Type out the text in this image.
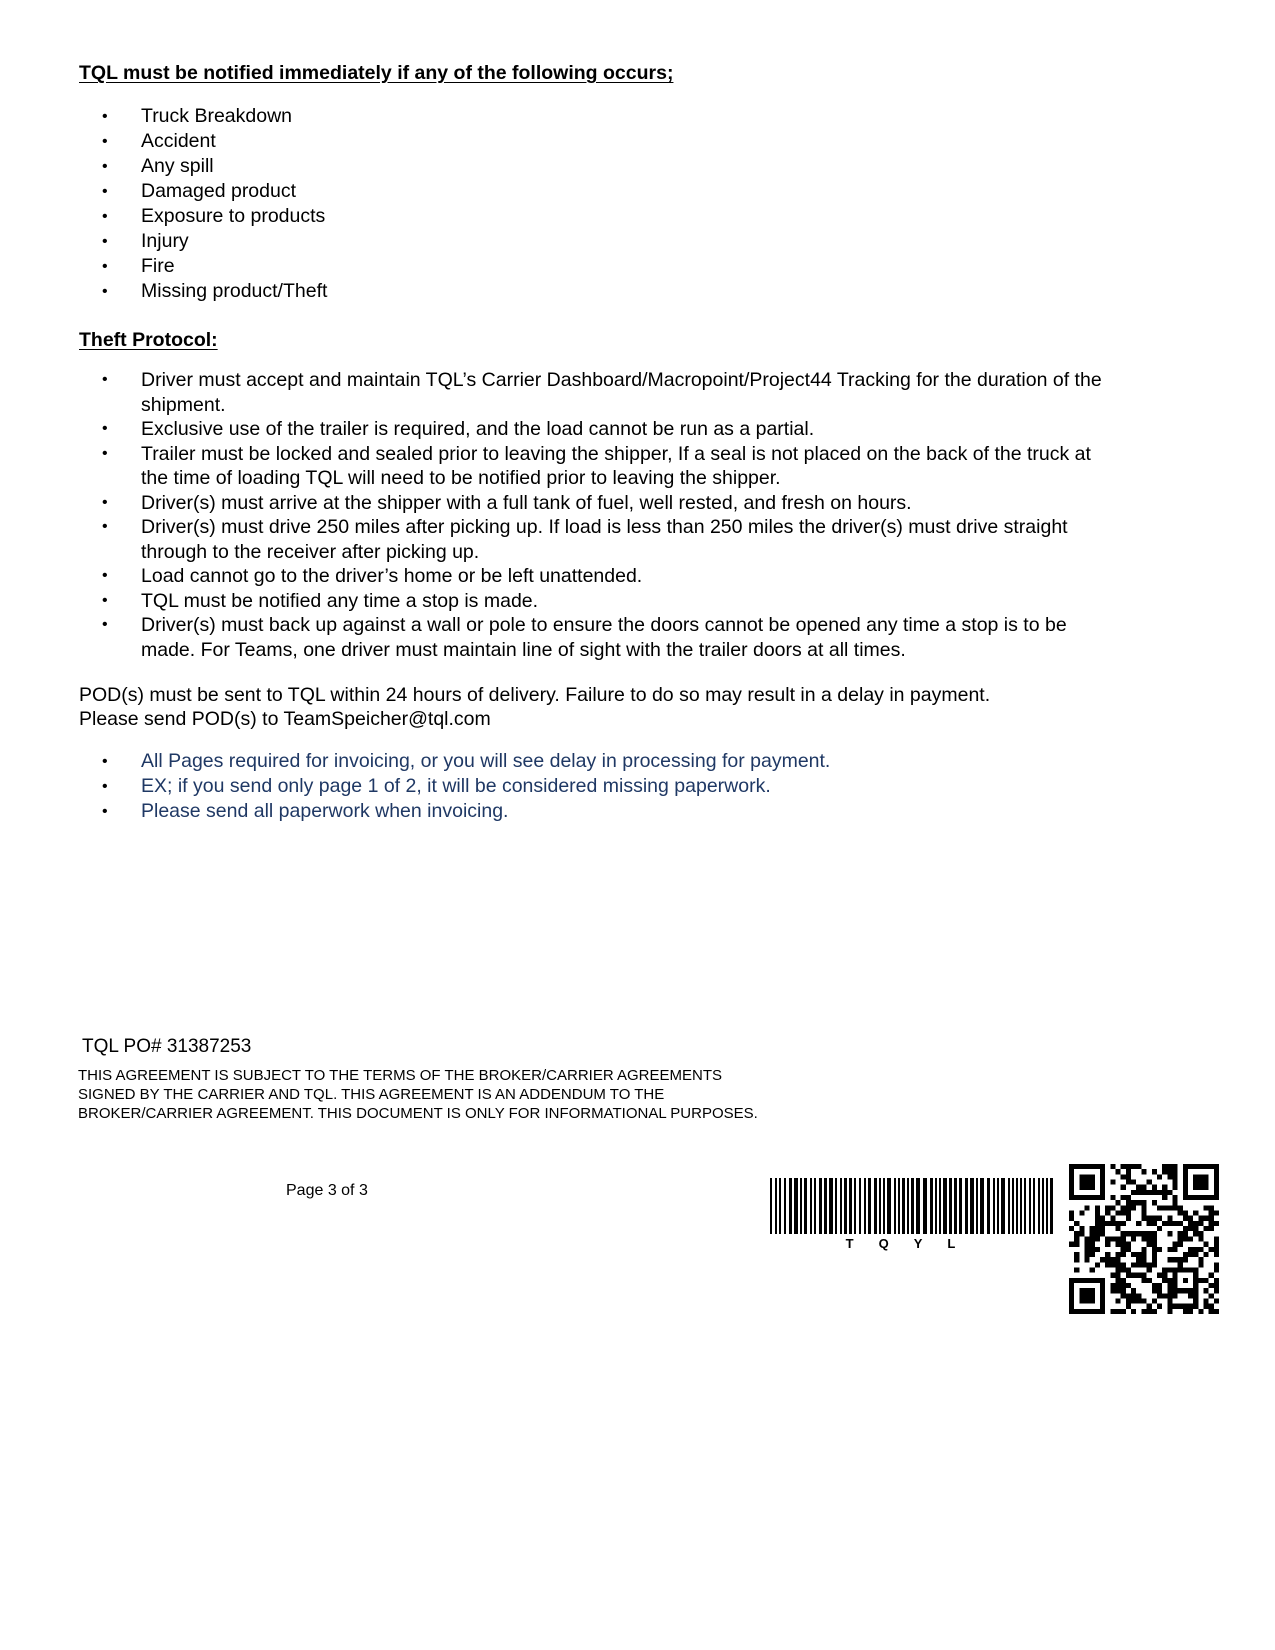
TQL must be notified immediately if any of the following occurs;
• Truck Breakdown
• Accident
• Any spill
• Damaged product
• Exposure to products
• Injury
• Fire
• Missing product/Theft
Theft Protocol:
• Driver must accept and maintain TQL’s Carrier Dashboard/Macropoint/Project44 Tracking for the duration of the shipment.
• Exclusive use of the trailer is required, and the load cannot be run as a partial.
• Trailer must be locked and sealed prior to leaving the shipper, If a seal is not placed on the back of the truck at the time of loading TQL will need to be notified prior to leaving the shipper.
• Driver(s) must arrive at the shipper with a full tank of fuel, well rested, and fresh on hours.
• Driver(s) must drive 250 miles after picking up. If load is less than 250 miles the driver(s) must drive straight through to the receiver after picking up.
• Load cannot go to the driver’s home or be left unattended.
• TQL must be notified any time a stop is made.
• Driver(s) must back up against a wall or pole to ensure the doors cannot be opened any time a stop is to be made. For Teams, one driver must maintain line of sight with the trailer doors at all times.

POD(s) must be sent to TQL within 24 hours of delivery. Failure to do so may result in a delay in payment.

Please send POD(s) to TeamSpeicher@tql.com

• All Pages required for invoicing, or you will see delay in processing for payment.
• EX; if you send only page 1 of 2, it will be considered missing paperwork.
• Please send all paperwork when invoicing.

TQL PO# 31387253

THIS AGREEMENT IS SUBJECT TO THE TERMS OF THE BROKER/CARRIER AGREEMENTS SIGNED BY THE CARRIER AND TQL. THIS AGREEMENT IS AN ADDENDUM TO THE BROKER/CARRIER AGREEMENT. THIS DOCUMENT IS ONLY FOR INFORMATIONAL PURPOSES.

Page 3 of 3

TQYL
